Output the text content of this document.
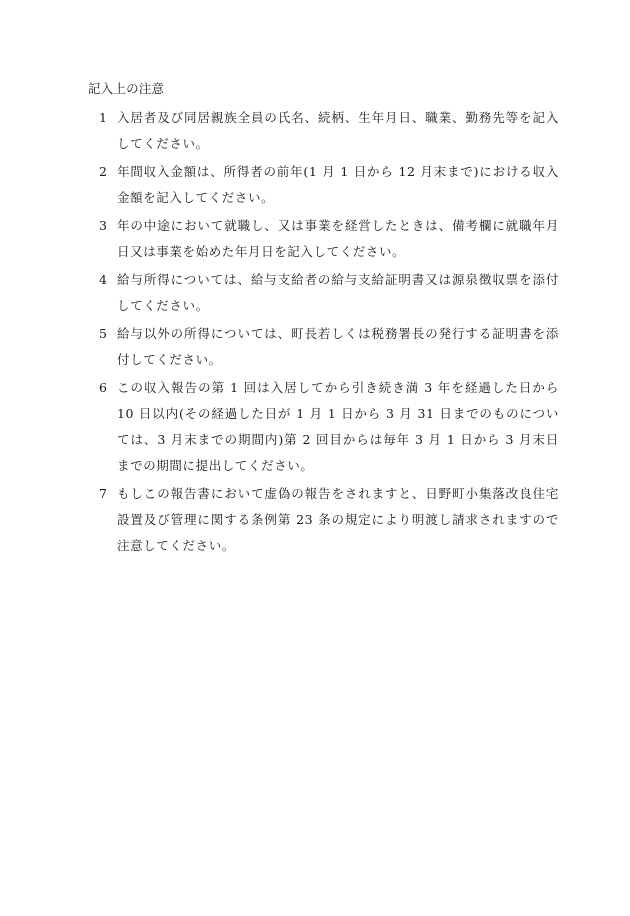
記入上の注意
1 入居者及び同居親族全員の氏名、続柄、生年月日、職業、勤務先等を記入してください。
2 年間収入金額は、所得者の前年(1 月 1 日から 12 月末まで)における収入金額を記入してください。
3 年の中途において就職し、又は事業を経営したときは、備考欄に就職年月日又は事業を始めた年月日を記入してください。
4 給与所得については、給与支給者の給与支給証明書又は源泉徴収票を添付してください。
5 給与以外の所得については、町長若しくは税務署長の発行する証明書を添付してください。
6 この収入報告の第 1 回は入居してから引き続き満 3 年を経過した日から 10 日以内(その経過した日が 1 月 1 日から 3 月 31 日までのものについては、3 月末までの期間内)第 2 回目からは毎年 3 月 1 日から 3 月末日までの期間に提出してください。
7 もしこの報告書において虚偽の報告をされますと、日野町小集落改良住宅設置及び管理に関する条例第 23 条の規定により明渡し請求されますので注意してください。
